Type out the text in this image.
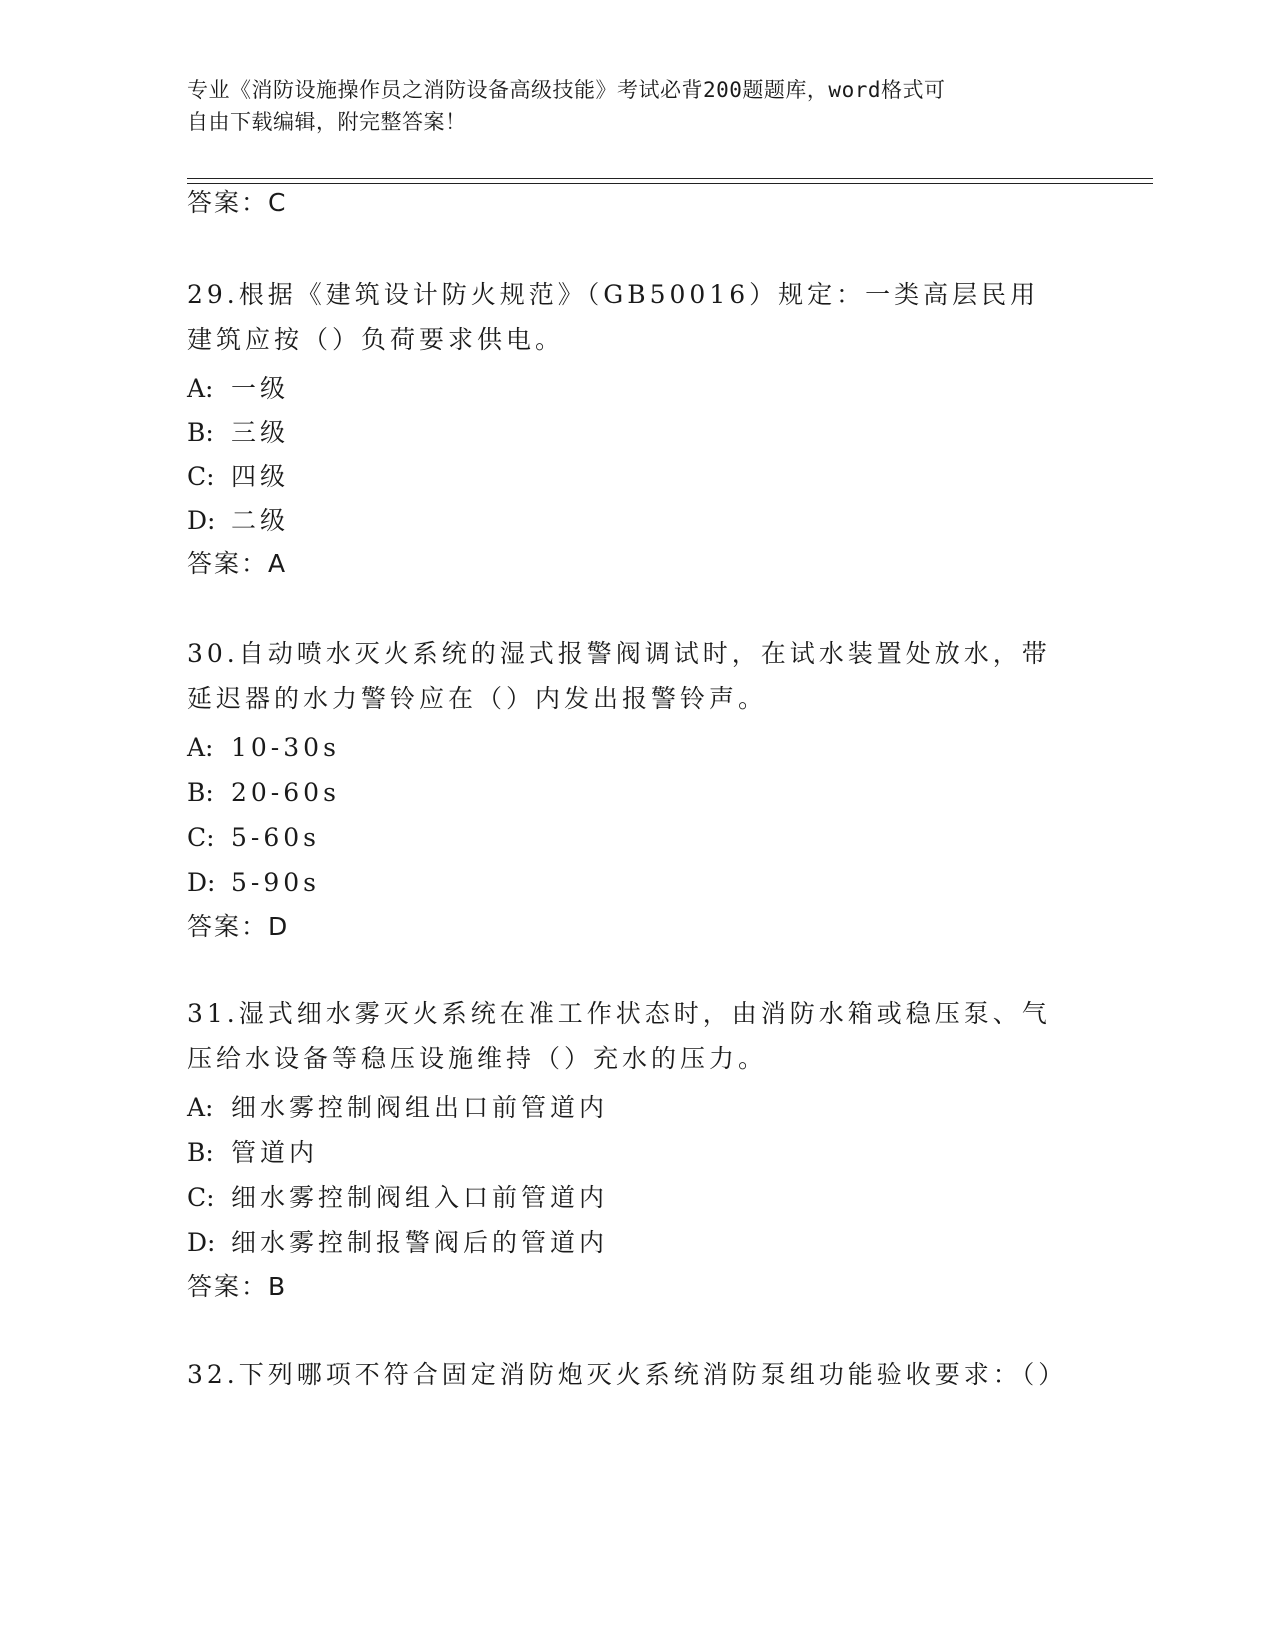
专业《消防设施操作员之消防设备高级技能》考试必背200题题库，word格式可
自由下载编辑，附完整答案！
答案：C
29.根据《建筑设计防火规范》（GB50016）规定：一类高层民用建筑应按（）负荷要求供电。
A: 一级
B: 三级
C: 四级
D: 二级
答案：A
30.自动喷水灭火系统的湿式报警阀调试时，在试水装置处放水，带延迟器的水力警铃应在（）内发出报警铃声。
A: 10-30s
B: 20-60s
C: 5-60s
D: 5-90s
答案：D
31.湿式细水雾灭火系统在准工作状态时，由消防水箱或稳压泵、气压给水设备等稳压设施维持（）充水的压力。
A: 细水雾控制阀组出口前管道内
B: 管道内
C: 细水雾控制阀组入口前管道内
D: 细水雾控制报警阀后的管道内
答案：B
32.下列哪项不符合固定消防炮灭火系统消防泵组功能验收要求：（）
